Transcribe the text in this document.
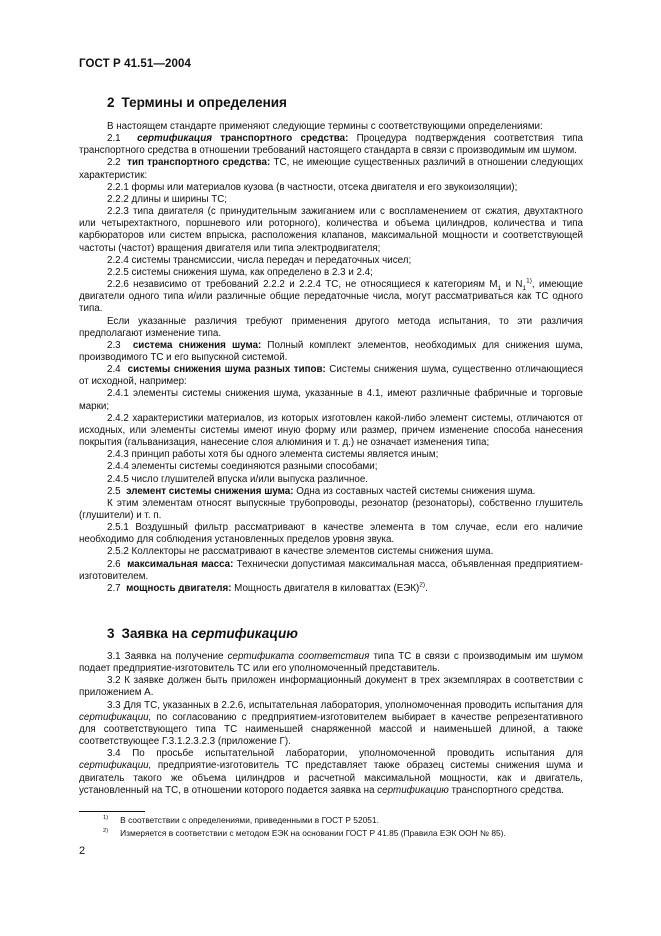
ГОСТ Р 41.51—2004
2 Термины и определения

В настоящем стандарте применяют следующие термины с соответствующими определениями:

2.1 сертификация транспортного средства: Процедура подтверждения соответствия типа транспортного средства в отношении требований настоящего стандарта в связи с производимым им шумом.

2.2 тип транспортного средства: ТС, не имеющие существенных различий в отношении следующих характеристик:

2.2.1 формы или материалов кузова (в частности, отсека двигателя и его звукоизоляции);

2.2.2 длины и ширины ТС;

2.2.3 типа двигателя (с принудительным зажиганием или с воспламенением от сжатия, двухтактного или четырехтактного, поршневого или роторного), количества и объема цилиндров, количества и типа карбюраторов или систем впрыска, расположения клапанов, максимальной мощности и соответствующей частоты (частот) вращения двигателя или типа электродвигателя;

2.2.4 системы трансмиссии, числа передач и передаточных чисел;

2.2.5 системы снижения шума, как определено в 2.3 и 2.4;

2.2.6 независимо от требований 2.2.2 и 2.2.4 ТС, не относящиеся к категориям $М_1$ и $N_1^{1)}$, имеющие двигатели одного типа и/или различные общие передаточные числа, могут рассматриваться как ТС одного типа.

Если указанные различия требуют применения другого метода испытания, то эти различия предполагают изменение типа.

2.3 система снижения шума: Полный комплект элементов, необходимых для снижения шума, производимого ТС и его выпускной системой.

2.4 системы снижения шума разных типов: Системы снижения шума, существенно отличающиеся от исходной, например:

2.4.1 элементы системы снижения шума, указанные в 4.1, имеют различные фабричные и торговые марки;

2.4.2 характеристики материалов, из которых изготовлен какой-либо элемент системы, отличаются от исходных, или элементы системы имеют иную форму или размер, причем изменение способа нанесения покрытия (гальванизация, нанесение слоя алюминия и т. д.) не означает изменения типа;

2.4.3 принцип работы хотя бы одного элемента системы является иным;

2.4.4 элементы системы соединяются разными способами;

2.4.5 число глушителей впуска и/или выпуска различное.

2.5 элемент системы снижения шума: Одна из составных частей системы снижения шума.

К этим элементам относят выпускные трубопроводы, резонатор (резонаторы), собственно глушитель (глушители) и т. п.

2.5.1 Воздушный фильтр рассматривают в качестве элемента в том случае, если его наличие необходимо для соблюдения установленных пределов уровня звука.

2.5.2 Коллекторы не рассматривают в качестве элементов системы снижения шума.

2.6 максимальная масса: Технически допустимая максимальная масса, объявленная предприятием-изготовителем.

2.7 мощность двигателя: Мощность двигателя в киловаттах (ЕЭК)$^{2)}$.

3 Заявка на сертификацию

3.1 Заявка на получение сертификата соответствия типа ТС в связи с производимым им шумом подает предприятие-изготовитель ТС или его уполномоченный представитель.

3.2 К заявке должен быть приложен информационный документ в трех экземплярах в соответствии с приложением А.

3.3 Для ТС, указанных в 2.2.6, испытательная лаборатория, уполномоченная проводить испытания для сертификации, по согласованию с предприятием-изготовителем выбирает в качестве репрезентативного для соответствующего типа ТС наименьшей снаряженной массой и наименьшей длиной, а также соответствующее Г.3.1.2.3.2.3 (приложение Г).

3.4 По просьбе испытательной лаборатории, уполномоченной проводить испытания для сертификации, предприятие-изготовитель ТС представляет также образец системы снижения шума и двигатель такого же объема цилиндров и расчетной максимальной мощности, как и двигатель, установленный на ТС, в отношении которого подается заявка на сертификацию транспортного средства.

$^{1)}$ В соответствии с определениями, приведенными в ГОСТ Р 52051.
$^{2)}$ Измеряется в соответствии с методом ЕЭК на основании ГОСТ Р 41.85 (Правила ЕЭК ООН № 85).
2
